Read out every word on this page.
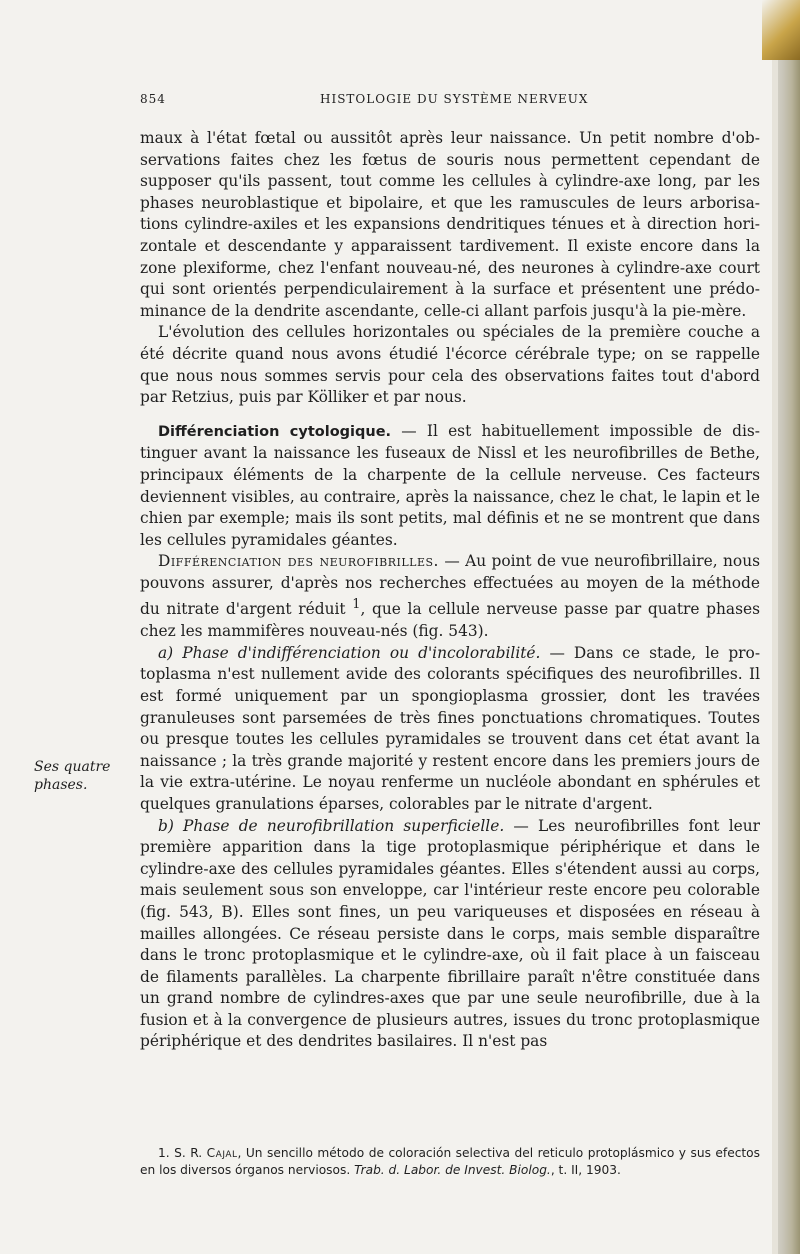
854	HISTOLOGIE DU SYSTÈME NERVEUX
Ses quatre
phases.

maux à l'état fœtal ou aussitôt après leur naissance. Un petit nombre d'observations faites chez les fœtus de souris nous permettent cependant de supposer qu'ils passent, tout comme les cellules à cylindre-axe long, par les phases neuroblastique et bipolaire, et que les ramuscules de leurs arborisations cylindre-axiles et les expansions dendritiques ténues et à direction horizontale et descendante y apparaissent tardivement. Il existe encore dans la zone plexiforme, chez l'enfant nouveau-né, des neurones à cylindre-axe court qui sont orientés perpendiculairement à la surface et présentent une prédominance de la dendrite ascendante, celle-ci allant parfois jusqu'à la pie-mère.

L'évolution des cellules horizontales ou spéciales de la première couche a été décrite quand nous avons étudié l'écorce cérébrale type; on se rappelle que nous nous sommes servis pour cela des observations faites tout d'abord par Retzius, puis par Kölliker et par nous.

Différenciation cytologique. — Il est habituellement impossible de distinguer avant la naissance les fuseaux de Nissl et les neurofibrilles de Bethe, principaux éléments de la charpente de la cellule nerveuse. Ces facteurs deviennent visibles, au contraire, après la naissance, chez le chat, le lapin et le chien par exemple; mais ils sont petits, mal définis et ne se montrent que dans les cellules pyramidales géantes.

Différenciation des neurofibrilles. — Au point de vue neurofibrillaire, nous pouvons assurer, d'après nos recherches effectuées au moyen de la méthode du nitrate d'argent réduit $^1$, que la cellule nerveuse passe par quatre phases chez les mammifères nouveau-nés (fig. 543).

a) Phase d'indifférenciation ou d'incolorabilité. — Dans ce stade, le protoplasma n'est nullement avide des colorants spécifiques des neurofibrilles. Il est formé uniquement par un spongioplasma grossier, dont les travées granuleuses sont parsemées de très fines ponctuations chromatiques. Toutes ou presque toutes les cellules pyramidales se trouvent dans cet état avant la naissance ; la très grande majorité y restent encore dans les premiers jours de la vie extra-utérine. Le noyau renferme un nucléole abondant en sphérules et quelques granulations éparses, colorables par le nitrate d'argent.

b) Phase de neurofibrillation superficielle. — Les neurofibrilles font leur première apparition dans la tige protoplasmique périphérique et dans le cylindre-axe des cellules pyramidales géantes. Elles s'étendent aussi au corps, mais seulement sous son enveloppe, car l'intérieur reste encore peu colorable (fig. 543, B). Elles sont fines, un peu variqueuses et disposées en réseau à mailles allongées. Ce réseau persiste dans le corps, mais semble disparaître dans le tronc protoplasmique et le cylindre-axe, où il fait place à un faisceau de filaments parallèles. La charpente fibrillaire paraît n'être constituée dans un grand nombre de cylindres-axes que par une seule neurofibrille, due à la fusion et à la convergence de plusieurs autres, issues du tronc protoplasmique périphérique et des dendrites basilaires. Il n'est pas

1. S. R. Cajal, Un sencillo método de coloración selectiva del reticulo protoplásmico y sus efectos en los diversos órganos nerviosos. Trab. d. Labor. de Invest. Biolog., t. II, 1903.
